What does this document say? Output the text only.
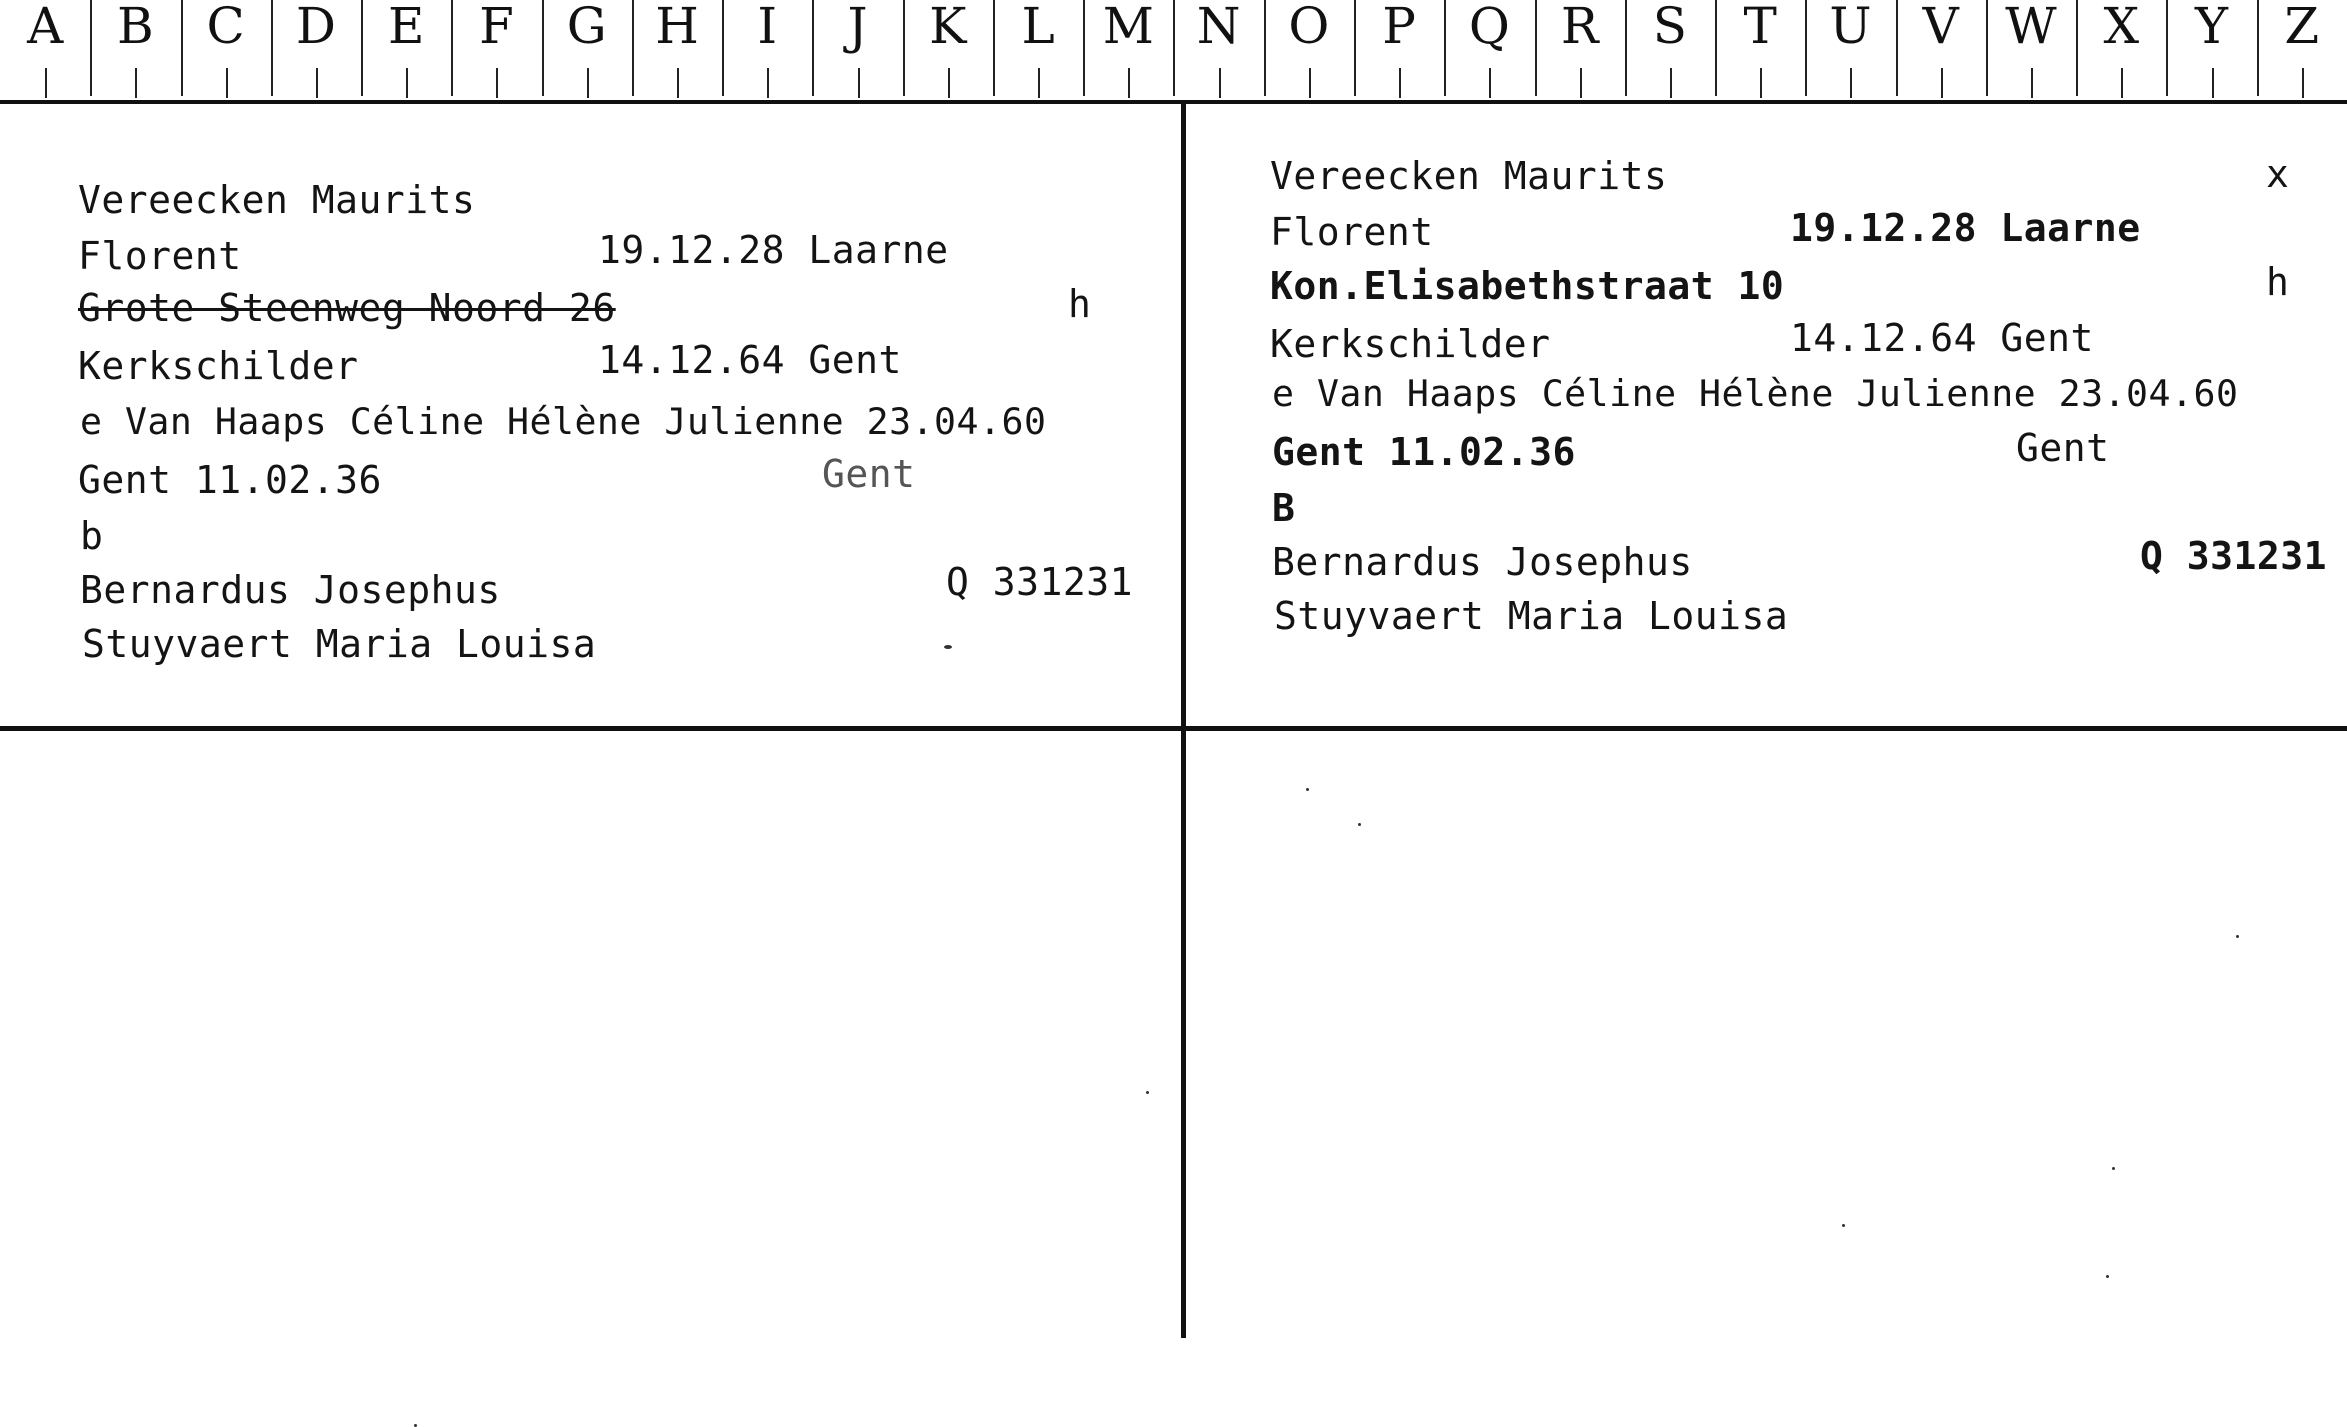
A	B	C	D	E	F	G H	I	J	K	L M N O	P	Q	R	S	T	U	V W X	Y	Z
Vereecken Maurits
Florent	19.12.28 Laarne
Grote Steenweg Noord 26	h
Kerkschilder	14.12.64 Gent
e Van Haaps Céline Hélène Julienne 23.04.60
Gent 11.02.36	Gent
b
Bernardus Josephus	Q 331231
Stuyvaert Maria Louisa
Vereecken Maurits	x
Florent	19.12.28 Laarne
Kon.Elisabethstraat 10	h
Kerkschilder	14.12.64 Gent
e Van Haaps Céline Hélène Julienne 23.04.60
Gent 11.02.36	Gent
B
Bernardus Josephus	Q 331231
Stuyvaert Maria Louisa
